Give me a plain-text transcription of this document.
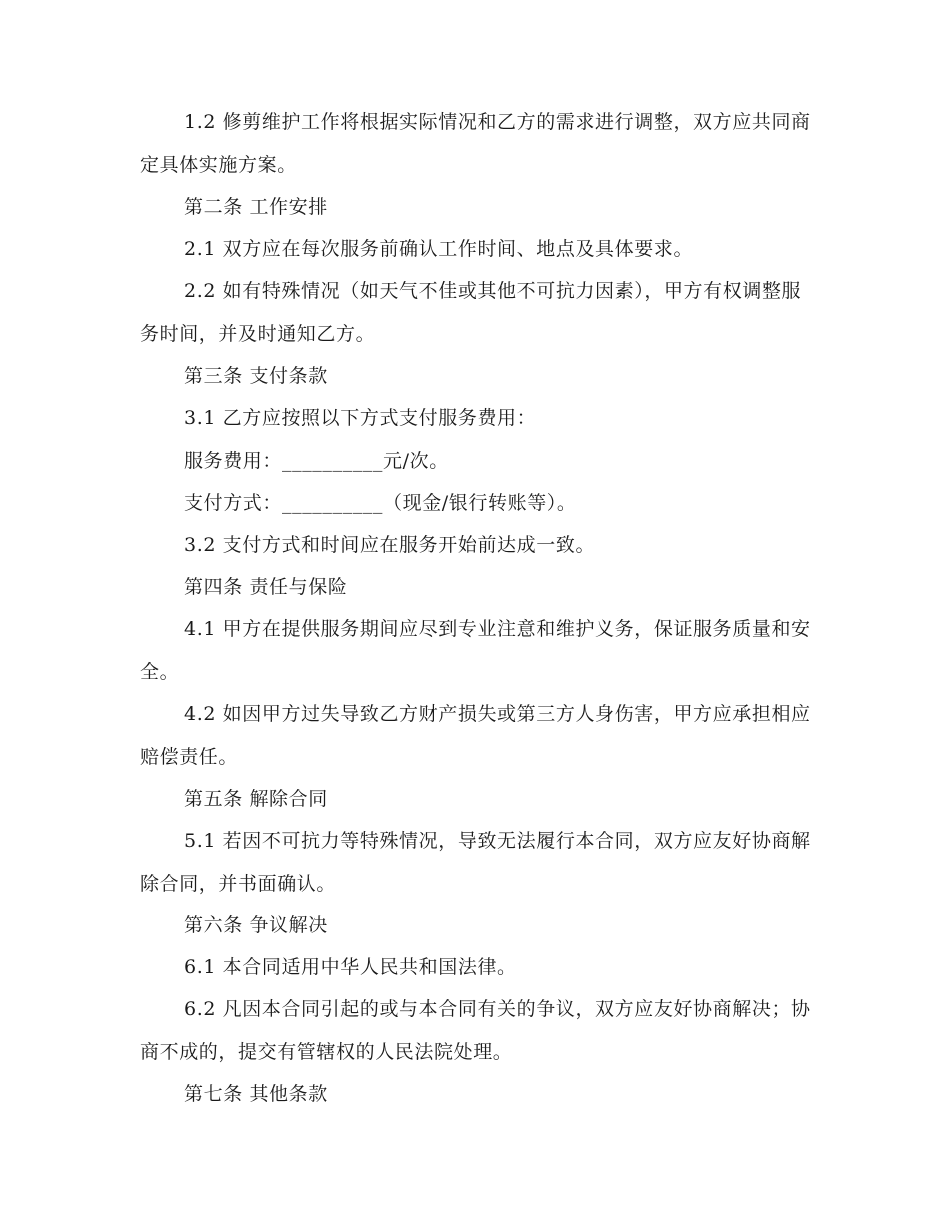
1.2 修剪维护工作将根据实际情况和乙方的需求进行调整，双方应共同商定具体实施方案。

第二条 工作安排

2.1 双方应在每次服务前确认工作时间、地点及具体要求。

2.2 如有特殊情况（如天气不佳或其他不可抗力因素），甲方有权调整服务时间，并及时通知乙方。

第三条 支付条款

3.1 乙方应按照以下方式支付服务费用：

服务费用：__________元/次。

支付方式：__________（现金/银行转账等）。

3.2 支付方式和时间应在服务开始前达成一致。

第四条 责任与保险

4.1 甲方在提供服务期间应尽到专业注意和维护义务，保证服务质量和安全。

4.2 如因甲方过失导致乙方财产损失或第三方人身伤害，甲方应承担相应赔偿责任。

第五条 解除合同

5.1 若因不可抗力等特殊情况，导致无法履行本合同，双方应友好协商解除合同，并书面确认。

第六条 争议解决

6.1 本合同适用中华人民共和国法律。

6.2 凡因本合同引起的或与本合同有关的争议，双方应友好协商解决；协商不成的，提交有管辖权的人民法院处理。

第七条 其他条款
